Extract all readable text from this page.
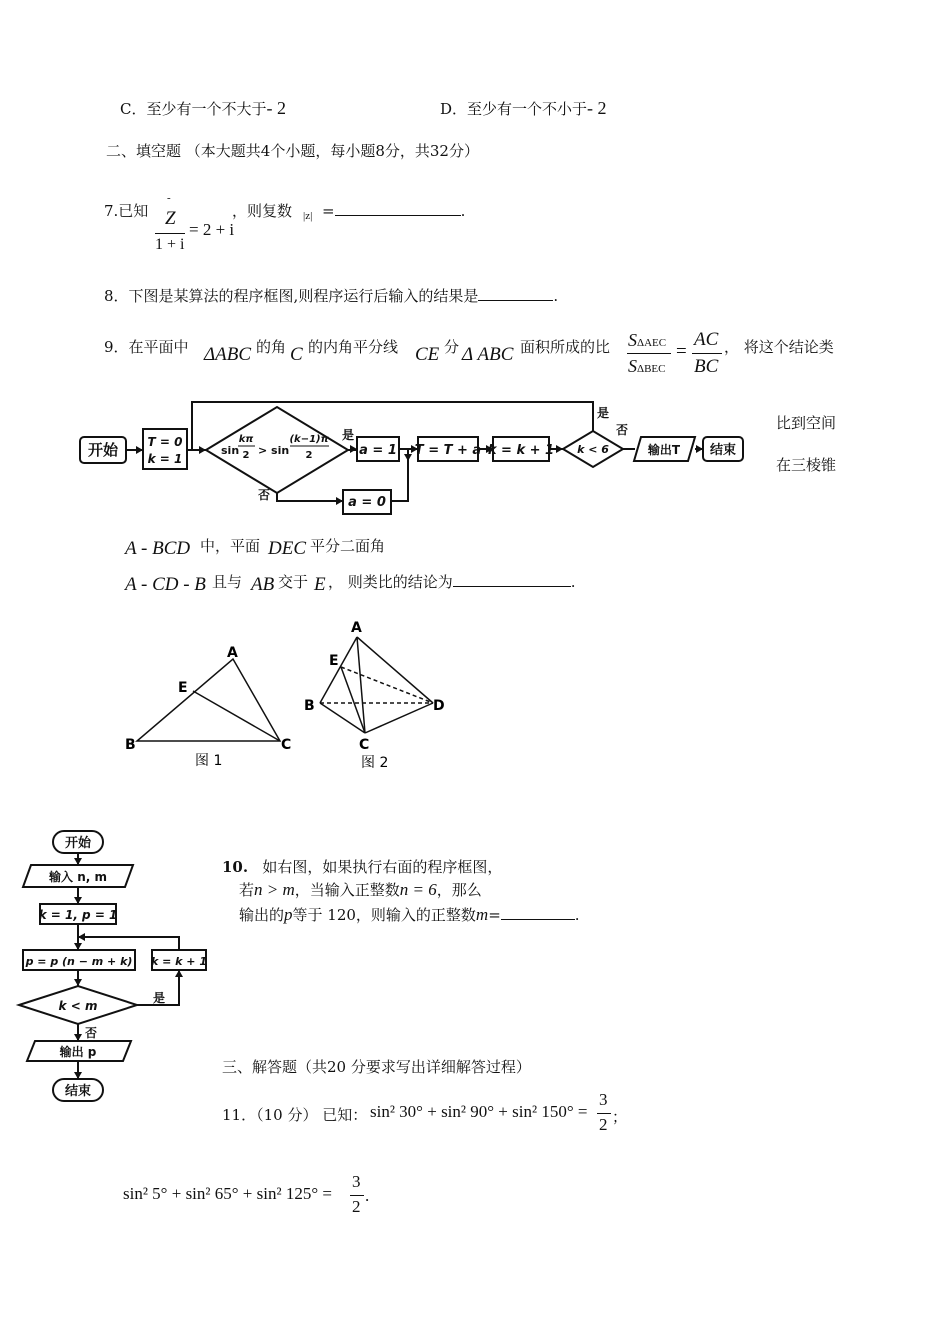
C．至少有一个不大于- 2	D．至少有一个不小于- 2
二、填空题 （本大题共4个小题，每小题8分，共32分）
7.已知
-
Z
1 + i
= 2 + i
，则复数 |z| =	.
8．下图是某算法的程序框图,则程序运行后输入的结果是	.
9．在平面中 ΔABC 的角 C 的内角平分线 CE 分 Δ ABC 面积所成的比 SΔAEC
SΔBEC
=
AC
BC
， 将这个结论类
开始 T = 0
k = 1
sin
kπ
2 > sin
(k−1)π
2
是
否
a = 1
a = 0
T = T + a k = k + 1 k < 6
是
否
输出T 结束
比到空间
在三棱锥
A - BCD 中，平面 DEC 平分二面角
A - CD - B 且与 AB 交于 E ， 则类比的结论为	.
A
B	C
E
图 1
A
B
C
D
E
图 2
开始
输入 n, m
k = 1, p = 1
p = p (n − m + k) k = k + 1
k < m
是
否
输出 p
结束
10. 如右图，如果执行右面的程序框图，
若n > m，当输入正整数n = 6，那么
输出的p等于 120，则输入的正整数m=	.
三、解答题（共20 分要求写出详细解答过程）
11．（10 分） 已知： sin² 30° + sin² 90° + sin² 150° =
3
2 ；
sin² 5° + sin² 65° + sin² 125° =
3
2
.
